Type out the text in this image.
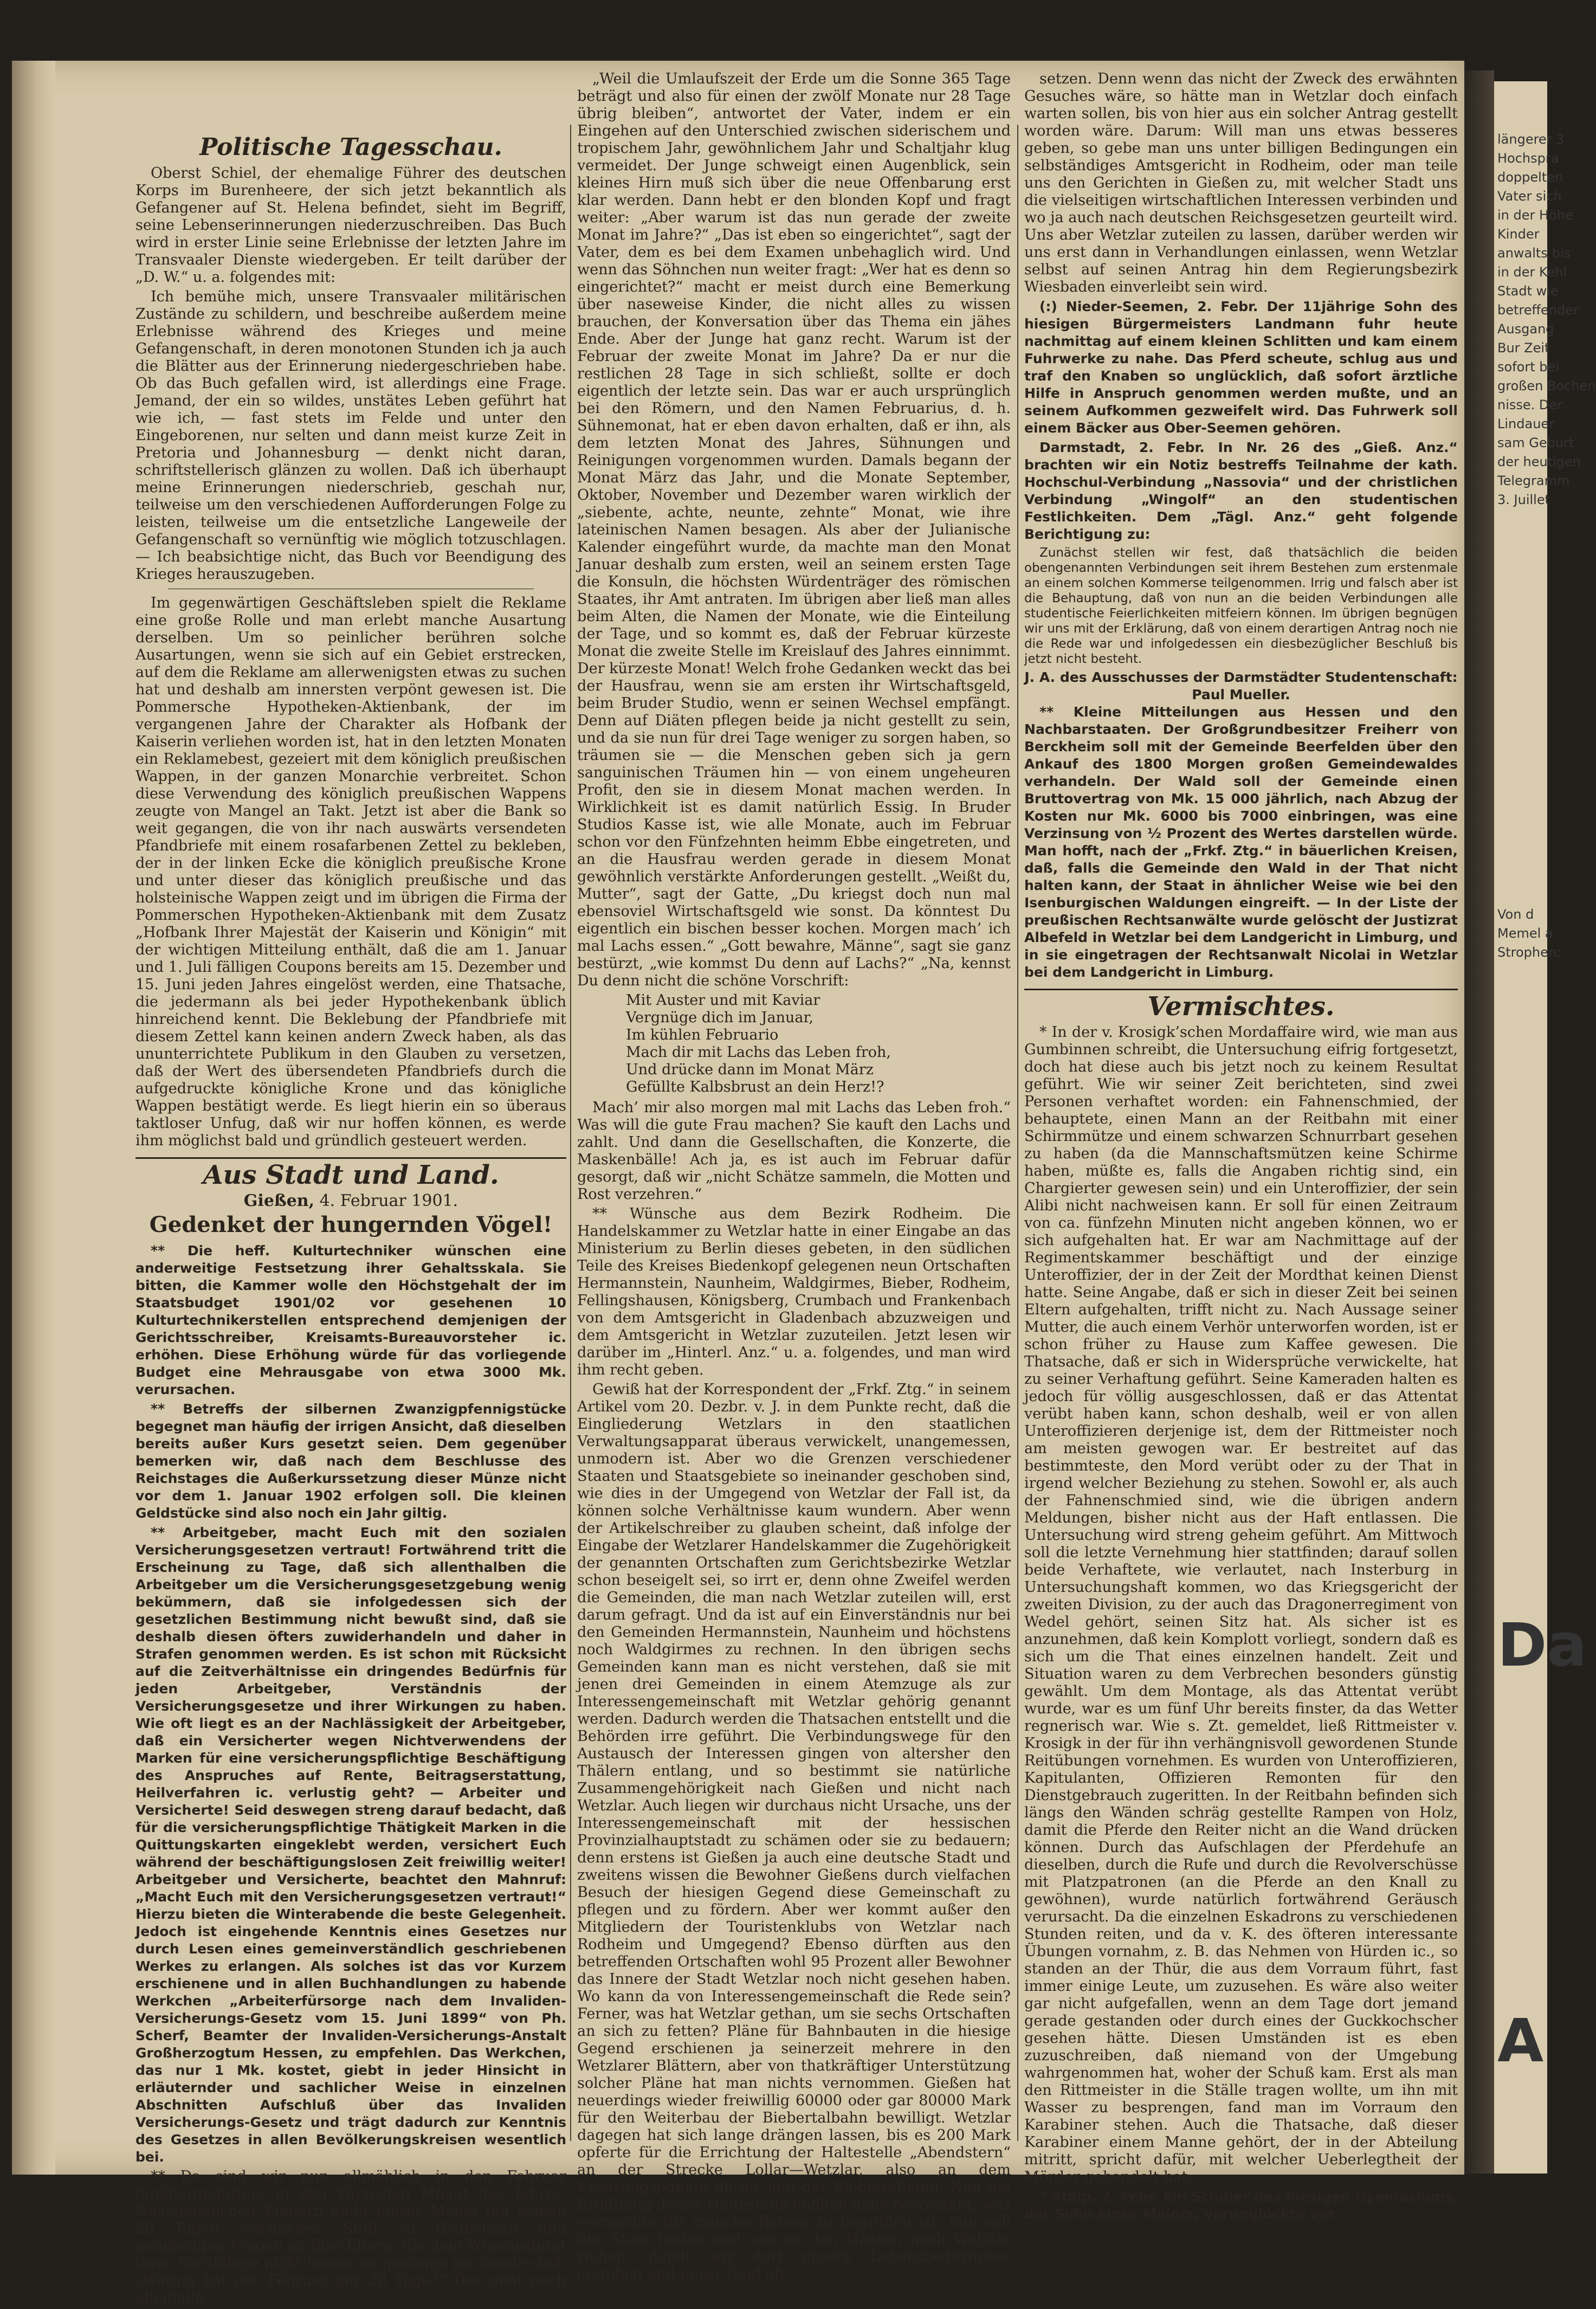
längerer 3
Hochspra
doppelten
Vater sich
in der Höhe
Kinder
anwalts bis
in der Kehl
Stadt wie
betreffender
Ausgang
Bur Zeit
sofort bei
großen Bochen
nisse. Der
Lindauer
sam Geburt
der heutigen
Telegramm
3. Juillet
Von d
Memel a
Strophen:
Da
A
Politische Tagesschau.

Oberst Schiel, der ehemalige Führer des deutschen Korps im Burenheere, der sich jetzt bekanntlich als Gefangener auf St. Helena befindet, sieht im Begriff, seine Lebenserinnerungen niederzuschreiben. Das Buch wird in erster Linie seine Erlebnisse der letzten Jahre im Transvaaler Dienste wiedergeben. Er teilt darüber der „D. W.“ u. a. folgendes mit:

Ich bemühe mich, unsere Transvaaler militärischen Zustände zu schildern, und beschreibe außerdem meine Erlebnisse während des Krieges und meine Gefangenschaft, in deren monotonen Stunden ich ja auch die Blätter aus der Erinnerung niedergeschrieben habe. Ob das Buch gefallen wird, ist allerdings eine Frage. Jemand, der ein so wildes, unstätes Leben geführt hat wie ich, — fast stets im Felde und unter den Eingeborenen, nur selten und dann meist kurze Zeit in Pretoria und Johannesburg — denkt nicht daran, schriftstellerisch glänzen zu wollen. Daß ich überhaupt meine Erinnerungen niederschrieb, geschah nur, teilweise um den verschiedenen Aufforderungen Folge zu leisten, teilweise um die entsetzliche Langeweile der Gefangenschaft so vernünftig wie möglich totzuschlagen. — Ich beabsichtige nicht, das Buch vor Beendigung des Krieges herauszugeben.

Im gegenwärtigen Geschäftsleben spielt die Reklame eine große Rolle und man erlebt manche Ausartung derselben. Um so peinlicher berühren solche Ausartungen, wenn sie sich auf ein Gebiet erstrecken, auf dem die Reklame am allerwenigsten etwas zu suchen hat und deshalb am innersten verpönt gewesen ist. Die Pommersche Hypotheken-Aktienbank, der im vergangenen Jahre der Charakter als Hofbank der Kaiserin verliehen worden ist, hat in den letzten Monaten ein Reklamebest, gezeiert mit dem königlich preußischen Wappen, in der ganzen Monarchie verbreitet. Schon diese Verwendung des königlich preußischen Wappens zeugte von Mangel an Takt. Jetzt ist aber die Bank so weit gegangen, die von ihr nach auswärts versendeten Pfandbriefe mit einem rosafarbenen Zettel zu bekleben, der in der linken Ecke die königlich preußische Krone und unter dieser das königlich preußische und das holsteinische Wappen zeigt und im übrigen die Firma der Pommerschen Hypotheken-Aktienbank mit dem Zusatz „Hofbank Ihrer Majestät der Kaiserin und Königin“ mit der wichtigen Mitteilung enthält, daß die am 1. Januar und 1. Juli fälligen Coupons bereits am 15. Dezember und 15. Juni jeden Jahres eingelöst werden, eine Thatsache, die jedermann als bei jeder Hypothekenbank üblich hinreichend kennt. Die Beklebung der Pfandbriefe mit diesem Zettel kann keinen andern Zweck haben, als das ununterrichtete Publikum in den Glauben zu versetzen, daß der Wert des übersendeten Pfandbriefs durch die aufgedruckte königliche Krone und das königliche Wappen bestätigt werde. Es liegt hierin ein so überaus taktloser Unfug, daß wir nur hoffen können, es werde ihm möglichst bald und gründlich gesteuert werden.

Aus Stadt und Land.
Gießen, 4. Februar 1901.
Gedenket der hungernden Vögel!

** Die heff. Kulturtechniker wünschen eine anderweitige Festsetzung ihrer Gehaltsskala. Sie bitten, die Kammer wolle den Höchstgehalt der im Staatsbudget 1901/02 vor gesehenen 10 Kulturtechnikerstellen entsprechend demjenigen der Gerichtsschreiber, Kreisamts-Bureauvorsteher ic. erhöhen. Diese Erhöhung würde für das vorliegende Budget eine Mehrausgabe von etwa 3000 Mk. verursachen.

** Betreffs der silbernen Zwanzigpfennigstücke begegnet man häufig der irrigen Ansicht, daß dieselben bereits außer Kurs gesetzt seien. Dem gegenüber bemerken wir, daß nach dem Beschlusse des Reichstages die Außerkurssetzung dieser Münze nicht vor dem 1. Januar 1902 erfolgen soll. Die kleinen Geldstücke sind also noch ein Jahr giltig.

** Arbeitgeber, macht Euch mit den sozialen Versicherungsgesetzen vertraut! Fortwährend tritt die Erscheinung zu Tage, daß sich allenthalben die Arbeitgeber um die Versicherungsgesetzgebung wenig bekümmern, daß sie infolgedessen sich der gesetzlichen Bestimmung nicht bewußt sind, daß sie deshalb diesen öfters zuwiderhandeln und daher in Strafen genommen werden. Es ist schon mit Rücksicht auf die Zeitverhältnisse ein dringendes Bedürfnis für jeden Arbeitgeber, Verständnis der Versicherungsgesetze und ihrer Wirkungen zu haben. Wie oft liegt es an der Nachlässigkeit der Arbeitgeber, daß ein Versicherter wegen Nichtverwendens der Marken für eine versicherungspflichtige Beschäftigung des Anspruches auf Rente, Beitragserstattung, Heilverfahren ic. verlustig geht? — Arbeiter und Versicherte! Seid deswegen streng darauf bedacht, daß für die versicherungspflichtige Thätigkeit Marken in die Quittungskarten eingeklebt werden, versichert Euch während der beschäftigungslosen Zeit freiwillig weiter! Arbeitgeber und Versicherte, beachtet den Mahnruf: „Macht Euch mit den Versicherungsgesetzen vertraut!“ Hierzu bieten die Winterabende die beste Gelegenheit. Jedoch ist eingehende Kenntnis eines Gesetzes nur durch Lesen eines gemeinverständlich geschriebenen Werkes zu erlangen. Als solches ist das vor Kurzem erschienene und in allen Buchhandlungen zu habende Werkchen „Arbeiterfürsorge nach dem Invaliden-Versicherungs-Gesetz vom 15. Juni 1899“ von Ph. Scherf, Beamter der Invaliden-Versicherungs-Anstalt Großherzogtum Hessen, zu empfehlen. Das Werkchen, das nur 1 Mk. kostet, giebt in jeder Hinsicht in erläuternder und sachlicher Weise in einzelnen Abschnitten Aufschluß über das Invaliden Versicherungs-Gesetz und trägt dadurch zur Kenntnis des Gesetzes in allen Bevölkerungskreisen wesentlich bei.

** Da sind wir nun allmählich in den Februar hinübergeglitten, in den kürzesten Monat des Jahres. Nachdenklichen Kindern giebt dieser Monat mit seinen 28 Tagen reichlichen Stoff zu Grübeleien und neugierigen Fragen an ihre Eltern, die dem Wissensdurst ihrer Sprößlinge nicht immer zu genügen im stande sind. „Warum hat der Februar nur 28 Tage?“ Das geht noch allenfalls.

„Weil die Umlaufszeit der Erde um die Sonne 365 Tage beträgt und also für einen der zwölf Monate nur 28 Tage übrig bleiben“, antwortet der Vater, indem er ein Eingehen auf den Unterschied zwischen siderischem und tropischem Jahr, gewöhnlichem Jahr und Schaltjahr klug vermeidet. Der Junge schweigt einen Augenblick, sein kleines Hirn muß sich über die neue Offenbarung erst klar werden. Dann hebt er den blonden Kopf und fragt weiter: „Aber warum ist das nun gerade der zweite Monat im Jahre?“ „Das ist eben so eingerichtet“, sagt der Vater, dem es bei dem Examen unbehaglich wird. Und wenn das Söhnchen nun weiter fragt: „Wer hat es denn so eingerichtet?“ macht er meist durch eine Bemerkung über naseweise Kinder, die nicht alles zu wissen brauchen, der Konversation über das Thema ein jähes Ende. Aber der Junge hat ganz recht. Warum ist der Februar der zweite Monat im Jahre? Da er nur die restlichen 28 Tage in sich schließt, sollte er doch eigentlich der letzte sein. Das war er auch ursprünglich bei den Römern, und den Namen Februarius, d. h. Sühnemonat, hat er eben davon erhalten, daß er ihn, als dem letzten Monat des Jahres, Sühnungen und Reinigungen vorgenommen wurden. Damals begann der Monat März das Jahr, und die Monate September, Oktober, November und Dezember waren wirklich der „siebente, achte, neunte, zehnte“ Monat, wie ihre lateinischen Namen besagen. Als aber der Julianische Kalender eingeführt wurde, da machte man den Monat Januar deshalb zum ersten, weil an seinem ersten Tage die Konsuln, die höchsten Würdenträger des römischen Staates, ihr Amt antraten. Im übrigen aber ließ man alles beim Alten, die Namen der Monate, wie die Einteilung der Tage, und so kommt es, daß der Februar kürzeste Monat die zweite Stelle im Kreislauf des Jahres einnimmt. Der kürzeste Monat! Welch frohe Gedanken weckt das bei der Hausfrau, wenn sie am ersten ihr Wirtschaftsgeld, beim Bruder Studio, wenn er seinen Wechsel empfängt. Denn auf Diäten pflegen beide ja nicht gestellt zu sein, und da sie nun für drei Tage weniger zu sorgen haben, so träumen sie — die Menschen geben sich ja gern sanguinischen Träumen hin — von einem ungeheuren Profit, den sie in diesem Monat machen werden. In Wirklichkeit ist es damit natürlich Essig. In Bruder Studios Kasse ist, wie alle Monate, auch im Februar schon vor den Fünfzehnten heimm Ebbe eingetreten, und an die Hausfrau werden gerade in diesem Monat gewöhnlich verstärkte Anforderungen gestellt. „Weißt du, Mutter“, sagt der Gatte, „Du kriegst doch nun mal ebensoviel Wirtschaftsgeld wie sonst. Da könntest Du eigentlich ein bischen besser kochen. Morgen mach’ ich mal Lachs essen.“ „Gott bewahre, Männe“, sagt sie ganz bestürzt, „wie kommst Du denn auf Lachs?“ „Na, kennst Du denn nicht die schöne Vorschrift:

Mit Auster und mit Kaviar
Vergnüge dich im Januar,
Im kühlen Februario
Mach dir mit Lachs das Leben froh,
Und drücke dann im Monat März
Gefüllte Kalbsbrust an dein Herz!?

Mach’ mir also morgen mal mit Lachs das Leben froh.“ Was will die gute Frau machen? Sie kauft den Lachs und zahlt. Und dann die Gesellschaften, die Konzerte, die Maskenbälle! Ach ja, es ist auch im Februar dafür gesorgt, daß wir „nicht Schätze sammeln, die Motten und Rost verzehren.“

** Wünsche aus dem Bezirk Rodheim. Die Handelskammer zu Wetzlar hatte in einer Eingabe an das Ministerium zu Berlin dieses gebeten, in den südlichen Teile des Kreises Biedenkopf gelegenen neun Ortschaften Hermannstein, Naunheim, Waldgirmes, Bieber, Rodheim, Fellingshausen, Königsberg, Crumbach und Frankenbach von dem Amtsgericht in Gladenbach abzuzweigen und dem Amtsgericht in Wetzlar zuzuteilen. Jetzt lesen wir darüber im „Hinterl. Anz.“ u. a. folgendes, und man wird ihm recht geben.

Gewiß hat der Korrespondent der „Frkf. Ztg.“ in seinem Artikel vom 20. Dezbr. v. J. in dem Punkte recht, daß die Eingliederung Wetzlars in den staatlichen Verwaltungsapparat überaus verwickelt, unangemessen, unmodern ist. Aber wo die Grenzen verschiedener Staaten und Staatsgebiete so ineinander geschoben sind, wie dies in der Umgegend von Wetzlar der Fall ist, da können solche Verhältnisse kaum wundern. Aber wenn der Artikelschreiber zu glauben scheint, daß infolge der Eingabe der Wetzlarer Handelskammer die Zugehörigkeit der genannten Ortschaften zum Gerichtsbezirke Wetzlar schon beseigelt sei, so irrt er, denn ohne Zweifel werden die Gemeinden, die man nach Wetzlar zuteilen will, erst darum gefragt. Und da ist auf ein Einverständnis nur bei den Gemeinden Hermannstein, Naunheim und höchstens noch Waldgirmes zu rechnen. In den übrigen sechs Gemeinden kann man es nicht verstehen, daß sie mit jenen drei Gemeinden in einem Atemzuge als zur Interessengemeinschaft mit Wetzlar gehörig genannt werden. Dadurch werden die Thatsachen entstellt und die Behörden irre geführt. Die Verbindungswege für den Austausch der Interessen gingen von altersher den Thälern entlang, und so bestimmt sie natürliche Zusammengehörigkeit nach Gießen und nicht nach Wetzlar. Auch liegen wir durchaus nicht Ursache, uns der Interessengemeinschaft mit der hessischen Provinzialhauptstadt zu schämen oder sie zu bedauern; denn erstens ist Gießen ja auch eine deutsche Stadt und zweitens wissen die Bewohner Gießens durch vielfachen Besuch der hiesigen Gegend diese Gemeinschaft zu pflegen und zu fördern. Aber wer kommt außer den Mitgliedern der Touristenklubs von Wetzlar nach Rodheim und Umgegend? Ebenso dürften aus den betreffenden Ortschaften wohl 95 Prozent aller Bewohner das Innere der Stadt Wetzlar noch nicht gesehen haben. Wo kann da von Interessengemeinschaft die Rede sein? Ferner, was hat Wetzlar gethan, um sie sechs Ortschaften an sich zu fetten? Pläne für Bahnbauten in die hiesige Gegend erschienen ja seinerzeit mehrere in den Wetzlarer Blättern, aber von thatkräftiger Unterstützung solcher Pläne hat man nichts vernommen. Gießen hat neuerdings wieder freiwillig 60000 oder gar 80000 Mark für den Weiterbau der Biebertalbahn bewilligt. Wetzlar dagegen hat sich lange drängen lassen, bis es 200 Mark opferte für die Errichtung der Haltestelle „Abendstern“ an der Strecke Lollar—Wetzlar, also an dem Kreuzungspunkte dieser und der Biebertalbahn. Nun die Eröffnung dieser Haltestelle endlich nahe bevorsteht, was vermochte für manche Reisen zu begrüßen ist, nun soll der Staat helfen und uns an den Haaren nach Wetzlar ziehen, damit wir dort unsere Lebensbedürfnisse erstehen und unser Geld ab-

setzen. Denn wenn das nicht der Zweck des erwähnten Gesuches wäre, so hätte man in Wetzlar doch einfach warten sollen, bis von hier aus ein solcher Antrag gestellt worden wäre. Darum: Will man uns etwas besseres geben, so gebe man uns unter billigen Bedingungen ein selbständiges Amtsgericht in Rodheim, oder man teile uns den Gerichten in Gießen zu, mit welcher Stadt uns die vielseitigen wirtschaftlichen Interessen verbinden und wo ja auch nach deutschen Reichsgesetzen geurteilt wird. Uns aber Wetzlar zuteilen zu lassen, darüber werden wir uns erst dann in Verhandlungen einlassen, wenn Wetzlar selbst auf seinen Antrag hin dem Regierungsbezirk Wiesbaden einverleibt sein wird.

(:) Nieder-Seemen, 2. Febr. Der 11jährige Sohn des hiesigen Bürgermeisters Landmann fuhr heute nachmittag auf einem kleinen Schlitten und kam einem Fuhrwerke zu nahe. Das Pferd scheute, schlug aus und traf den Knaben so unglücklich, daß sofort ärztliche Hilfe in Anspruch genommen werden mußte, und an seinem Aufkommen gezweifelt wird. Das Fuhrwerk soll einem Bäcker aus Ober-Seemen gehören.

Darmstadt, 2. Febr. In Nr. 26 des „Gieß. Anz.“ brachten wir ein Notiz bestreffs Teilnahme der kath. Hochschul-Verbindung „Nassovia“ und der christlichen Verbindung „Wingolf“ an den studentischen Festlichkeiten. Dem „Tägl. Anz.“ geht folgende Berichtigung zu:

Zunächst stellen wir fest, daß thatsächlich die beiden obengenannten Verbindungen seit ihrem Bestehen zum erstenmale an einem solchen Kommerse teilgenommen. Irrig und falsch aber ist die Behauptung, daß von nun an die beiden Verbindungen alle studentische Feierlichkeiten mitfeiern können. Im übrigen begnügen wir uns mit der Erklärung, daß von einem derartigen Antrag noch nie die Rede war und infolgedessen ein diesbezüglicher Beschluß bis jetzt nicht besteht.

J. A. des Ausschusses der Darmstädter Studentenschaft:
Paul Mueller.

** Kleine Mitteilungen aus Hessen und den Nachbarstaaten. Der Großgrundbesitzer Freiherr von Berckheim soll mit der Gemeinde Beerfelden über den Ankauf des 1800 Morgen großen Gemeindewaldes verhandeln. Der Wald soll der Gemeinde einen Bruttovertrag von Mk. 15 000 jährlich, nach Abzug der Kosten nur Mk. 6000 bis 7000 einbringen, was eine Verzinsung von ½ Prozent des Wertes darstellen würde. Man hofft, nach der „Frkf. Ztg.“ in bäuerlichen Kreisen, daß, falls die Gemeinde den Wald in der That nicht halten kann, der Staat in ähnlicher Weise wie bei den Isenburgischen Waldungen eingreift. — In der Liste der preußischen Rechtsanwälte wurde gelöscht der Justizrat Albefeld in Wetzlar bei dem Landgericht in Limburg, und in sie eingetragen der Rechtsanwalt Nicolai in Wetzlar bei dem Landgericht in Limburg.

Vermischtes.

* In der v. Krosigk’schen Mordaffaire wird, wie man aus Gumbinnen schreibt, die Untersuchung eifrig fortgesetzt, doch hat diese auch bis jetzt noch zu keinem Resultat geführt. Wie wir seiner Zeit berichteten, sind zwei Personen verhaftet worden: ein Fahnenschmied, der behauptete, einen Mann an der Reitbahn mit einer Schirmmütze und einem schwarzen Schnurrbart gesehen zu haben (da die Mannschaftsmützen keine Schirme haben, müßte es, falls die Angaben richtig sind, ein Chargierter gewesen sein) und ein Unteroffizier, der sein Alibi nicht nachweisen kann. Er soll für einen Zeitraum von ca. fünfzehn Minuten nicht angeben können, wo er sich aufgehalten hat. Er war am Nachmittage auf der Regimentskammer beschäftigt und der einzige Unteroffizier, der in der Zeit der Mordthat keinen Dienst hatte. Seine Angabe, daß er sich in dieser Zeit bei seinen Eltern aufgehalten, trifft nicht zu. Nach Aussage seiner Mutter, die auch einem Verhör unterworfen worden, ist er schon früher zu Hause zum Kaffee gewesen. Die Thatsache, daß er sich in Widersprüche verwickelte, hat zu seiner Verhaftung geführt. Seine Kameraden halten es jedoch für völlig ausgeschlossen, daß er das Attentat verübt haben kann, schon deshalb, weil er von allen Unteroffizieren derjenige ist, dem der Rittmeister noch am meisten gewogen war. Er bestreitet auf das bestimmteste, den Mord verübt oder zu der That in irgend welcher Beziehung zu stehen. Sowohl er, als auch der Fahnenschmied sind, wie die übrigen andern Meldungen, bisher nicht aus der Haft entlassen. Die Untersuchung wird streng geheim geführt. Am Mittwoch soll die letzte Vernehmung hier stattfinden; darauf sollen beide Verhaftete, wie verlautet, nach Insterburg in Untersuchungshaft kommen, wo das Kriegsgericht der zweiten Division, zu der auch das Dragonerregiment von Wedel gehört, seinen Sitz hat. Als sicher ist es anzunehmen, daß kein Komplott vorliegt, sondern daß es sich um die That eines einzelnen handelt. Zeit und Situation waren zu dem Verbrechen besonders günstig gewählt. Um dem Montage, als das Attentat verübt wurde, war es um fünf Uhr bereits finster, da das Wetter regnerisch war. Wie s. Zt. gemeldet, ließ Rittmeister v. Krosigk in der für ihn verhängnisvoll gewordenen Stunde Reitübungen vornehmen. Es wurden von Unteroffizieren, Kapitulanten, Offizieren Remonten für den Dienstgebrauch zugeritten. In der Reitbahn befinden sich längs den Wänden schräg gestellte Rampen von Holz, damit die Pferde den Reiter nicht an die Wand drücken können. Durch das Aufschlagen der Pferdehufe an dieselben, durch die Rufe und durch die Revolverschüsse mit Platzpatronen (an die Pferde an den Knall zu gewöhnen), wurde natürlich fortwährend Geräusch verursacht. Da die einzelnen Eskadrons zu verschiedenen Stunden reiten, und da v. K. des öfteren interessante Übungen vornahm, z. B. das Nehmen von Hürden ic., so standen an der Thür, die aus dem Vorraum führt, fast immer einige Leute, um zuzusehen. Es wäre also weiter gar nicht aufgefallen, wenn an dem Tage dort jemand gerade gestanden oder durch eines der Guckkochscher gesehen hätte. Diesen Umständen ist es eben zuzuschreiben, daß niemand von der Umgebung wahrgenommen hat, woher der Schuß kam. Erst als man den Rittmeister in die Ställe tragen wollte, um ihn mit Wasser zu besprengen, fand man im Vorraum den Karabiner stehen. Auch die Thatsache, daß dieser Karabiner einem Manne gehört, der in der Abteilung mitritt, spricht dafür, mit welcher Ueberlegtheit der Mörder gehandelt hat.

* Stolp, 2. Febr. Ein Schüler des hiesigen Gymnasiums, der Sohn eines Majors, verunglückte vor
